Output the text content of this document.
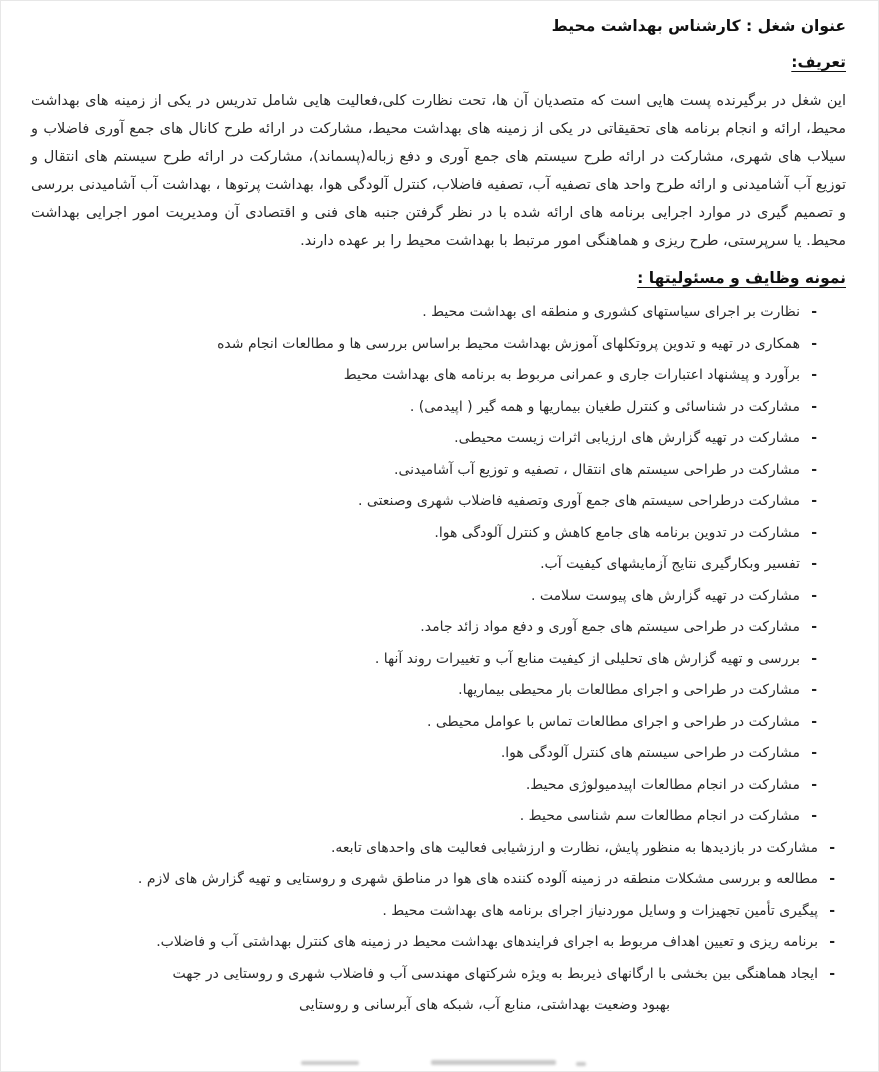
عنوان شغل : کارشناس بهداشت محیط
تعریف:

این شغل در برگیرنده پست هایی است که متصدیان آن ها، تحت نظارت کلی،فعالیت هایی شامل تدریس در یکی از زمینه های بهداشت محیط، ارائه و انجام برنامه های تحقیقاتی در یکی از زمینه های بهداشت محیط، مشارکت در ارائه طرح کانال های جمع آوری فاضلاب و سیلاب های شهری، مشارکت در ارائه طرح سیستم های جمع آوری و دفع زباله(پسماند)، مشارکت در ارائه طرح سیستم های انتقال و توزیع آب آشامیدنی و ارائه طرح واحد های تصفیه آب، تصفیه فاضلاب، کنترل آلودگی هوا، بهداشت پرتوها ، بهداشت آب آشامیدنی بررسی و تصمیم گیری در موارد اجرایی برنامه های ارائه شده با در نظر گرفتن جنبه های فنی و اقتصادی آن ومدیریت امور اجرایی بهداشت محیط. یا سرپرستی، طرح ریزی و هماهنگی امور مرتبط با بهداشت محیط را بر عهده دارند.

نمونه وظایف و مسئولیتها :
-
نظارت بر اجرای سیاستهای کشوری و منطقه ای بهداشت محیط .
-
همکاری در تهیه و تدوین پروتکلهای آموزش بهداشت محیط براساس بررسی ها و مطالعات انجام شده
-
برآورد و پیشنهاد اعتبارات جاری و عمرانی مربوط به برنامه های بهداشت محیط
-
مشارکت در شناسائی و کنترل طغیان بیماریها و همه گیر ( اپیدمی) .
-
مشارکت در تهیه گزارش های ارزیابی اثرات زیست محیطی.
-
مشارکت در طراحی سیستم های انتقال ، تصفیه و توزیع آب آشامیدنی.
-
مشارکت درطراحی سیستم های جمع آوری وتصفیه فاضلاب شهری وصنعتی .
-
مشارکت در تدوین برنامه های جامع کاهش و کنترل آلودگی هوا.
-
تفسیر وبکارگیری نتایج آزمایشهای کیفیت آب.
-
مشارکت در تهیه گزارش های پیوست سلامت .
-
مشارکت در طراحی سیستم های جمع آوری و دفع مواد زائد جامد.
-
بررسی و تهیه گزارش های تحلیلی از کیفیت منابع آب و تغییرات روند آنها .
-
مشارکت در طراحی و اجرای مطالعات بار محیطی بیماریها.
-
مشارکت در طراحی و اجرای مطالعات تماس با عوامل محیطی .
-
مشارکت در طراحی سیستم های کنترل آلودگی هوا.
-
مشارکت در انجام مطالعات اپیدمیولوژی محیط.
-
مشارکت در انجام مطالعات سم شناسی محیط .
-
مشارکت در بازدیدها به منظور پایش، نظارت و ارزشیابی فعالیت های واحدهای تابعه.
-
مطالعه و بررسی مشکلات منطقه در زمینه آلوده کننده های هوا در مناطق شهری و روستایی و تهیه گزارش های لازم .
-
پیگیری تأمین تجهیزات و وسایل موردنیاز اجرای برنامه های بهداشت محیط .
-
برنامه ریزی و تعیین اهداف مربوط به اجرای فرایندهای بهداشت محیط در زمینه های کنترل بهداشتی آب و فاضلاب.
-
ایجاد هماهنگی بین بخشی با ارگانهای ذیربط به ویژه شرکتهای مهندسی آب و فاضلاب شهری و روستایی در جهت
بهبود وضعیت بهداشتی، منابع آب، شبکه های آبرسانی و روستایی
